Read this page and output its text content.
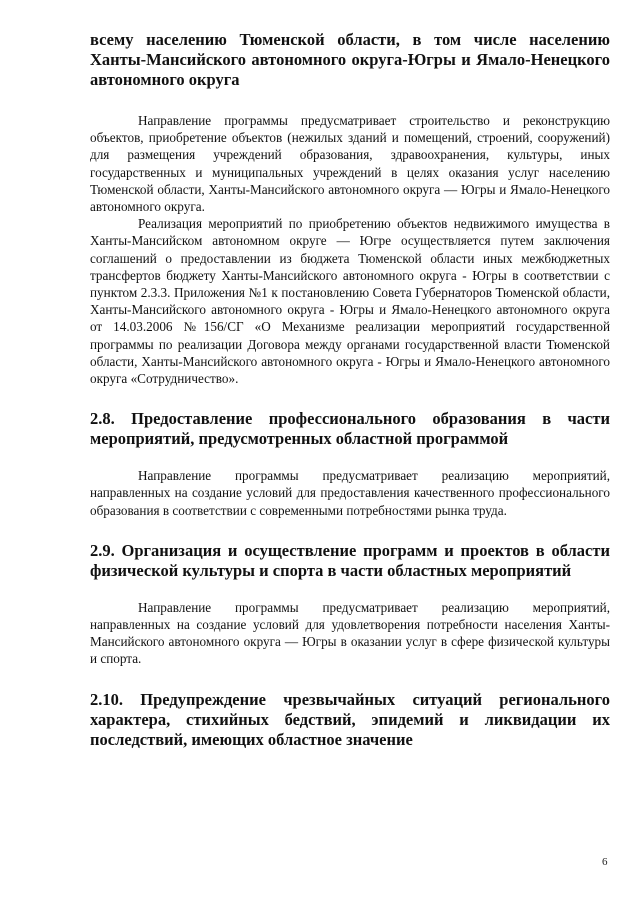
всему населению Тюменской области, в том числе населению Ханты-Мансийского автономного округа-Югры и Ямало-Ненецкого автономного округа

Направление программы предусматривает строительство и реконструкцию объектов, приобретение объектов (нежилых зданий и помещений, строений, сооружений) для размещения учреждений образования, здравоохранения, культуры, иных государственных и муниципальных учреждений в целях оказания услуг населению Тюменской области, Ханты-Мансийского автономного округа — Югры и Ямало-Ненецкого автономного округа.

Реализация мероприятий по приобретению объектов недвижимого имущества в Ханты-Мансийском автономном округе — Югре осуществляется путем заключения соглашений о предоставлении из бюджета Тюменской области иных межбюджетных трансфертов бюджету Ханты-Мансийского автономного округа - Югры в соответствии с пунктом 2.3.3. Приложения №1 к постановлению Совета Губернаторов Тюменской области, Ханты-Мансийского автономного округа - Югры и Ямало-Ненецкого автономного округа от 14.03.2006 №156/СГ «О Механизме реализации мероприятий государственной программы по реализации Договора между органами государственной власти Тюменской области, Ханты-Мансийского автономного округа - Югры и Ямало-Ненецкого автономного округа «Сотрудничество».

2.8. Предоставление профессионального образования в части мероприятий, предусмотренных областной программой

Направление программы предусматривает реализацию мероприятий, направленных на создание условий для предоставления качественного профессионального образования в соответствии с современными потребностями рынка труда.

2.9. Организация и осуществление программ и проектов в области физической культуры и спорта в части областных мероприятий

Направление программы предусматривает реализацию мероприятий, направленных на создание условий для удовлетворения потребности населения Ханты-Мансийского автономного округа — Югры в оказании услуг в сфере физической культуры и спорта.

2.10. Предупреждение чрезвычайных ситуаций регионального характера, стихийных бедствий, эпидемий и ликвидации их последствий, имеющих областное значение

6
